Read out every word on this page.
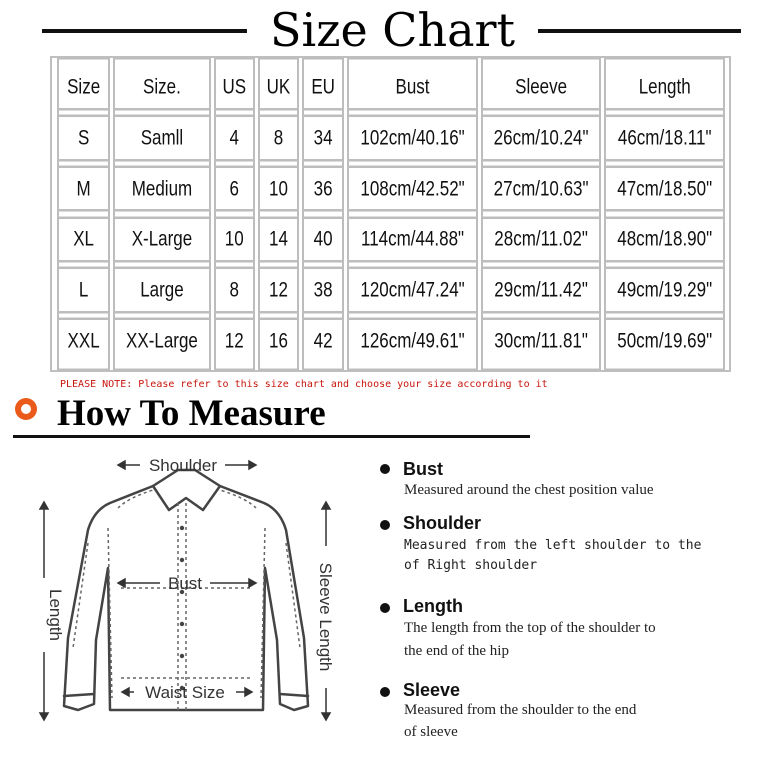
Size Chart
Size	Size.	US	UK	EU	Bust	Sleeve	Length
S	Samll	4	8	34	102cm/40.16"	26cm/10.24"	46cm/18.11"
M	Medium	6	10	36	108cm/42.52"	27cm/10.63"	47cm/18.50"
XL	X-Large	10	14	40	114cm/44.88"	28cm/11.02"	48cm/18.90"
L	Large	8	12	38	120cm/47.24"	29cm/11.42"	49cm/19.29"
XXL	XX-Large	12	16	42	126cm/49.61"	30cm/11.81"	50cm/19.69"
PLEASE NOTE: Please refer to this size chart and choose your size according to it
How To Measure
Shoulder
Bust
Waist Size
Length	Sleeve Length
Bust
Measured around the chest position value
Shoulder
Measured from the left shoulder to the
of Right shoulder
Length
The length from the top of the shoulder to
the end of the hip
Sleeve
Measured from the shoulder to the end
of sleeve
